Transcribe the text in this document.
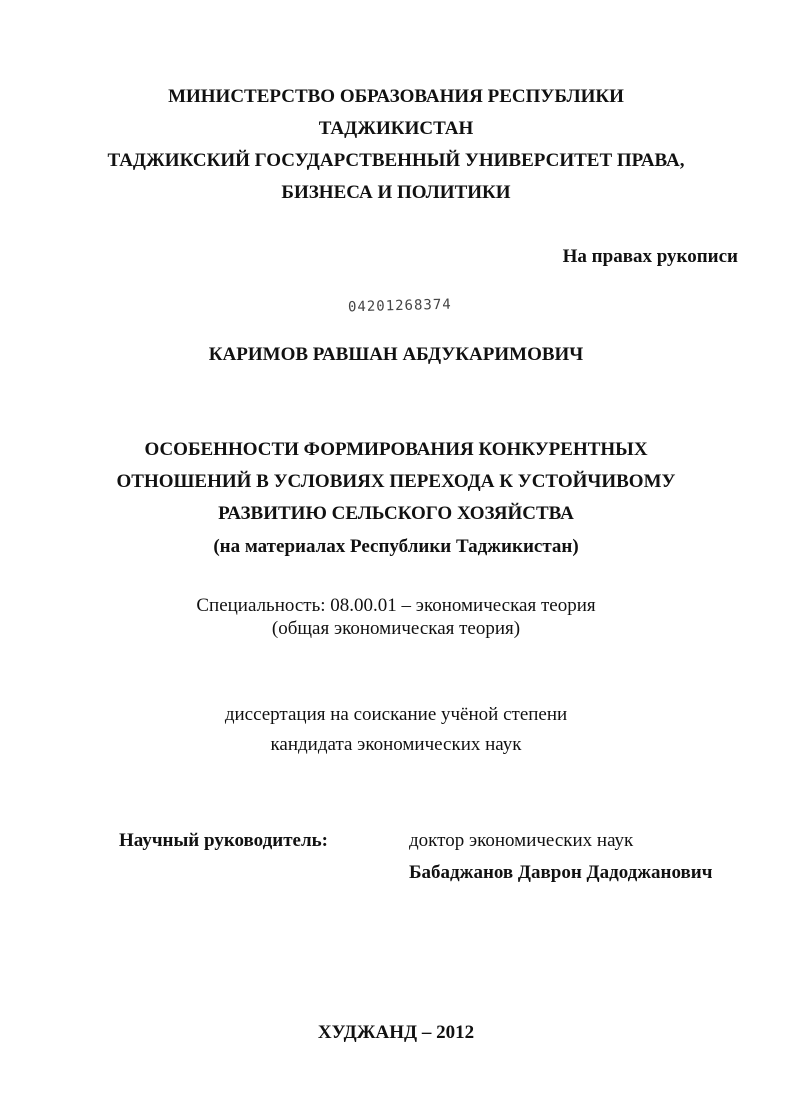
МИНИСТЕРСТВО ОБРАЗОВАНИЯ РЕСПУБЛИКИ
ТАДЖИКИСТАН
ТАДЖИКСКИЙ ГОСУДАРСТВЕННЫЙ УНИВЕРСИТЕТ ПРАВА,
БИЗНЕСА И ПОЛИТИКИ
На правах рукописи
04201268374
КАРИМОВ РАВШАН АБДУКАРИМОВИЧ
ОСОБЕННОСТИ ФОРМИРОВАНИЯ КОНКУРЕНТНЫХ
ОТНОШЕНИЙ В УСЛОВИЯХ ПЕРЕХОДА К УСТОЙЧИВОМУ
РАЗВИТИЮ СЕЛЬСКОГО ХОЗЯЙСТВА
(на материалах Республики Таджикистан)
Специальность: 08.00.01 – экономическая теория
(общая экономическая теория)
диссертация на соискание учёной степени
кандидата экономических наук
Научный руководитель:	доктор экономических наук
Бабаджанов Даврон Дадоджанович
ХУДЖАНД – 2012
